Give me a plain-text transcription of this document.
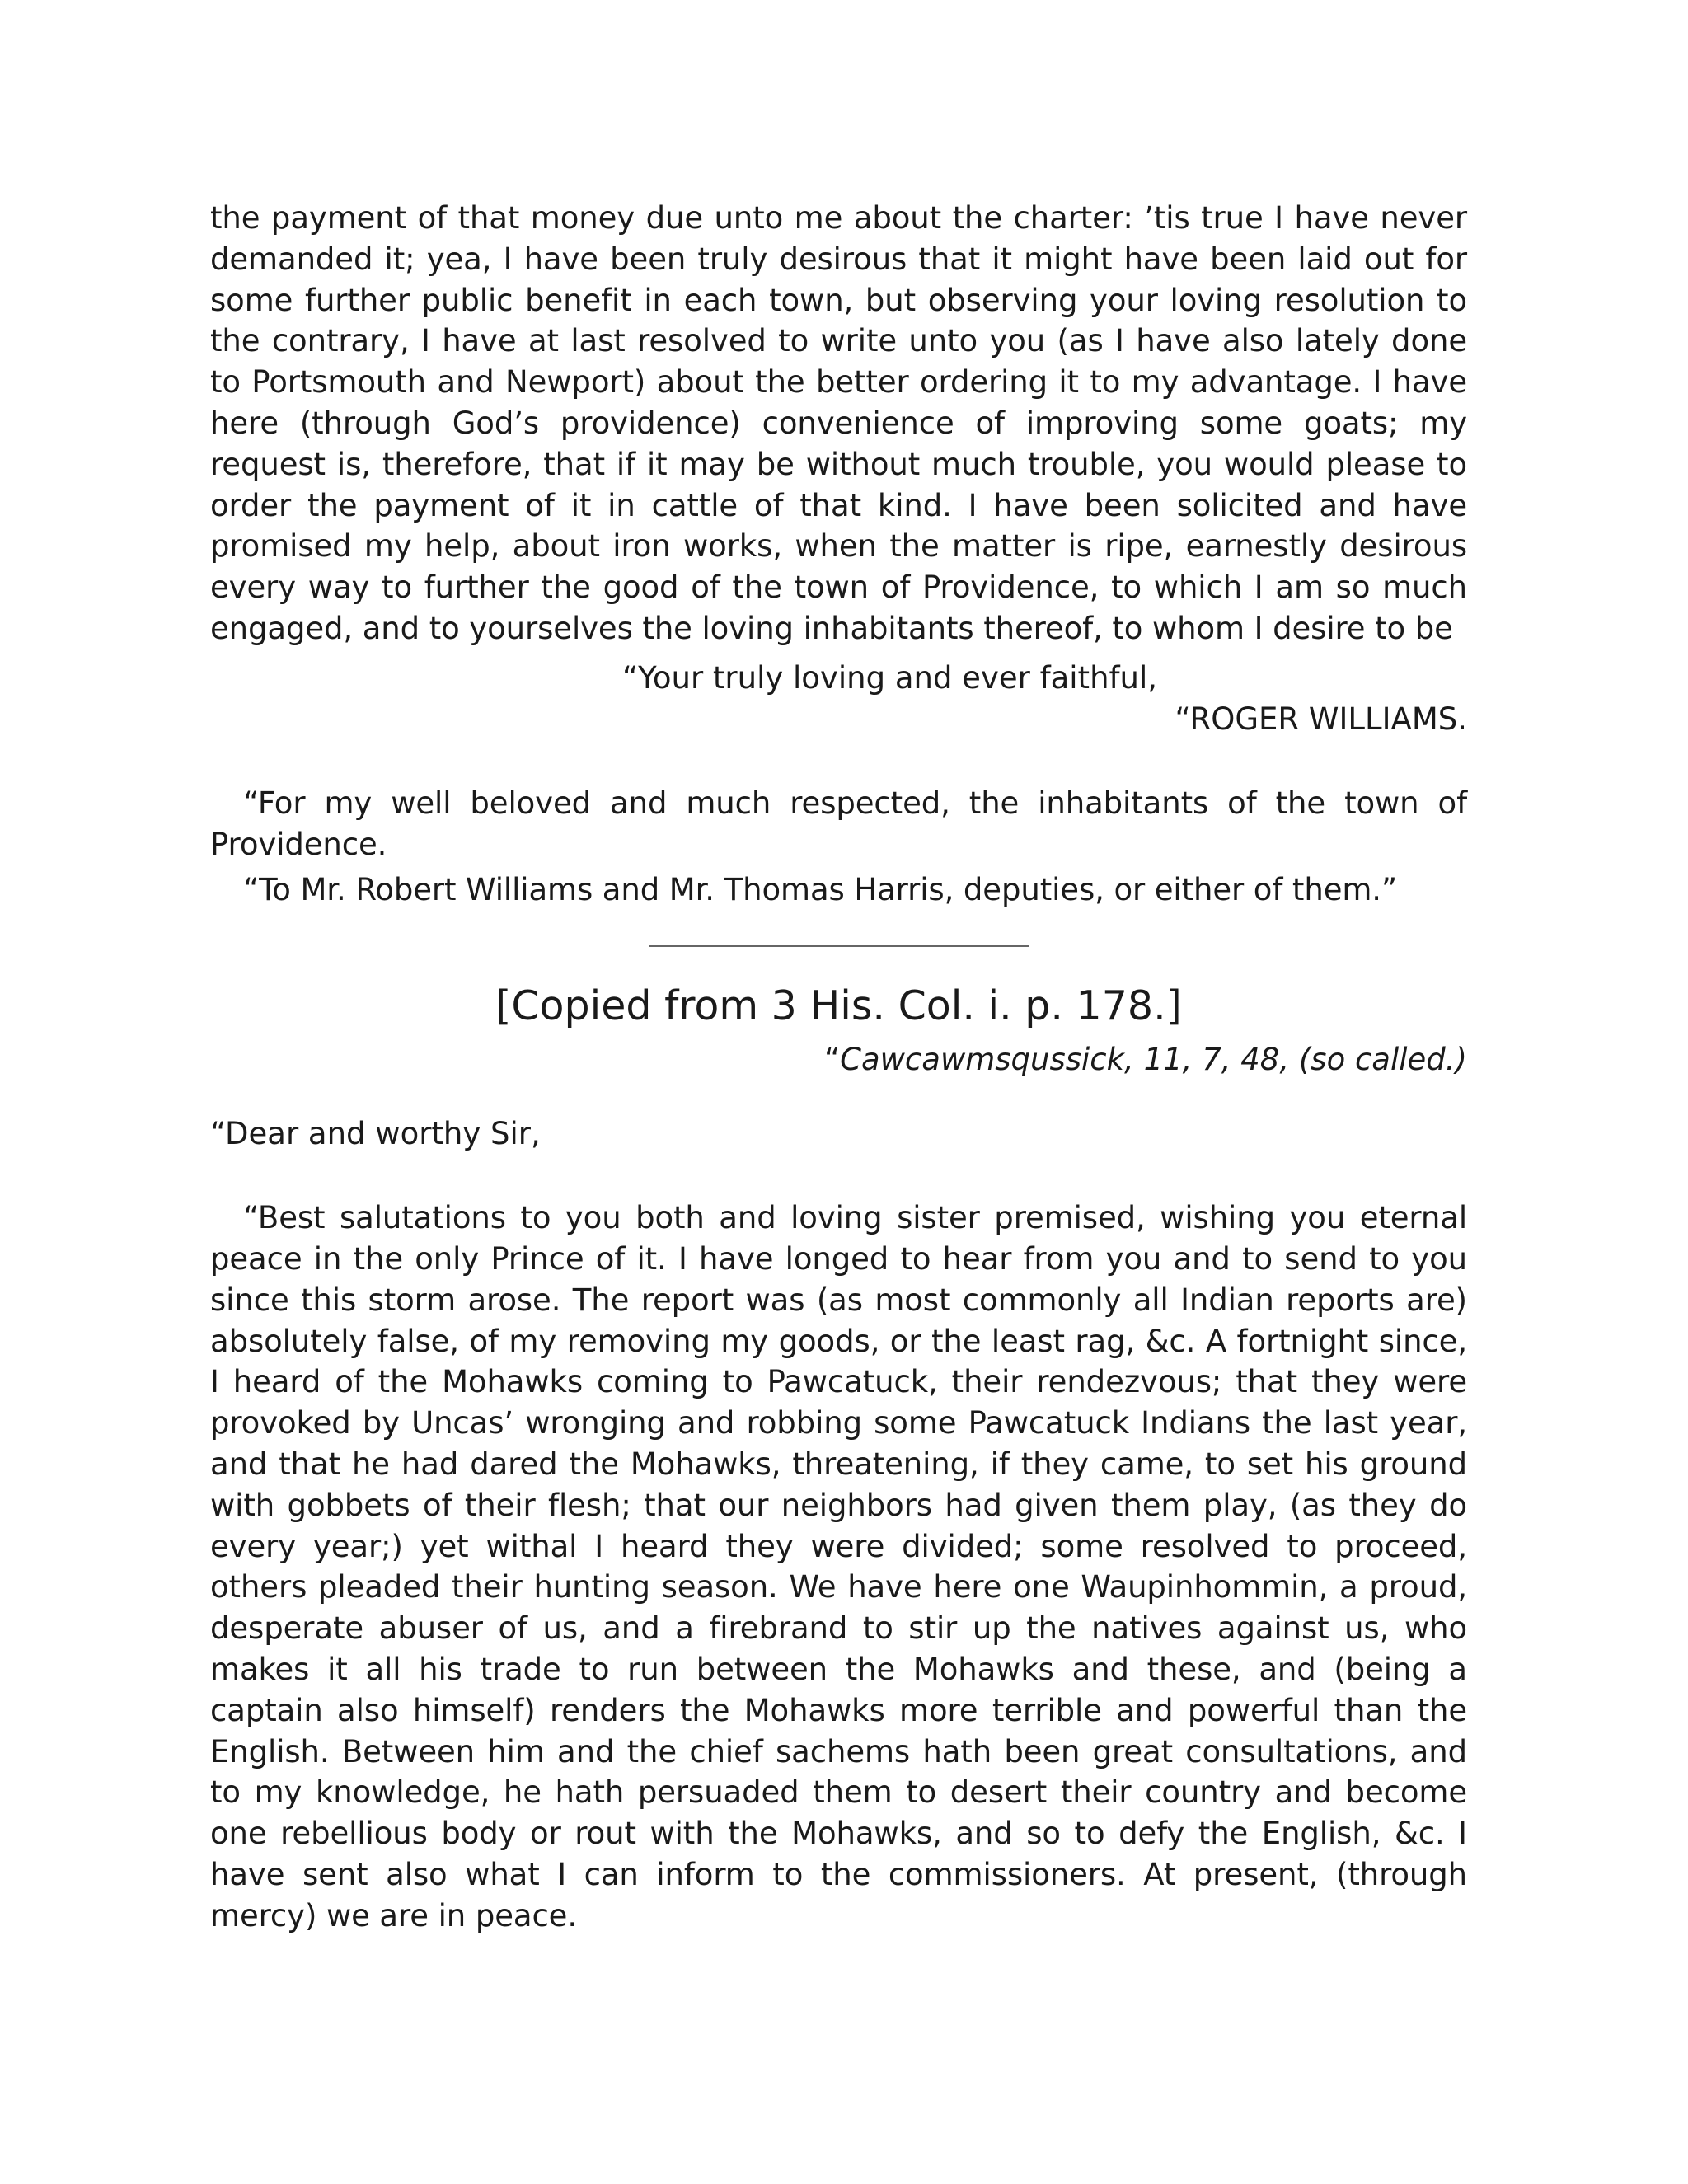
the payment of that money due unto me about the charter: ’tis true I have never demanded it; yea, I have been truly desirous that it might have been laid out for some further public benefit in each town, but observing your loving resolution to the contrary, I have at last resolved to write unto you (as I have also lately done to Portsmouth and Newport) about the better ordering it to my advantage. I have here (through God’s providence) convenience of improving some goats; my request is, therefore, that if it may be without much trouble, you would please to order the payment of it in cattle of that kind. I have been solicited and have promised my help, about iron works, when the matter is ripe, earnestly desirous every way to further the good of the town of Providence, to which I am so much engaged, and to yourselves the loving inhabitants thereof, to whom I desire to be

“Your truly loving and ever faithful,

“ROGER WILLIAMS.

“For my well beloved and much respected, the inhabitants of the town of Providence.

“To Mr. Robert Williams and Mr. Thomas Harris, deputies, or either of them.”

[Copied from 3 His. Col. i. p. 178.]

“Cawcawmsqussick, 11, 7, 48, (so called.)

“Dear and worthy Sir,

“Best salutations to you both and loving sister premised, wishing you eternal peace in the only Prince of it. I have longed to hear from you and to send to you since this storm arose. The report was (as most commonly all Indian reports are) absolutely false, of my removing my goods, or the least rag, &c. A fortnight since, I heard of the Mohawks coming to Pawcatuck, their rendezvous; that they were provoked by Uncas’ wronging and robbing some Pawcatuck Indians the last year, and that he had dared the Mohawks, threatening, if they came, to set his ground with gobbets of their flesh; that our neighbors had given them play, (as they do every year;) yet withal I heard they were divided; some resolved to proceed, others pleaded their hunting season. We have here one Waupinhommin, a proud, desperate abuser of us, and a firebrand to stir up the natives against us, who makes it all his trade to run between the Mohawks and these, and (being a captain also himself) renders the Mohawks more terrible and powerful than the English. Between him and the chief sachems hath been great consultations, and to my knowledge, he hath persuaded them to desert their country and become one rebellious body or rout with the Mohawks, and so to defy the English, &c. I have sent also what I can inform to the commissioners. At present, (through mercy) we are in peace.
